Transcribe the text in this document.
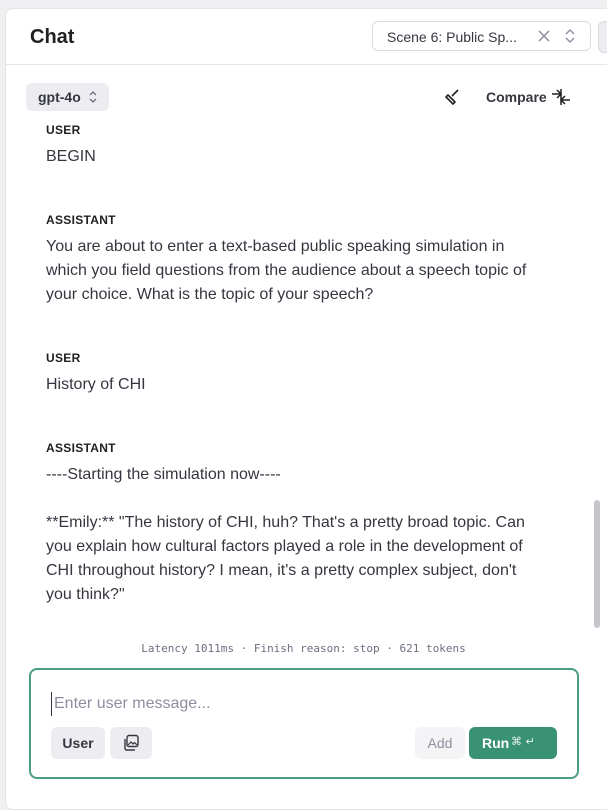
Chat	Scene 6: Public Sp...
gpt-4o	Compare
USER
BEGIN
ASSISTANT
You are about to enter a text-based public speaking simulation in which you field questions from the audience about a speech topic of your choice. What is the topic of your speech?
USER
History of CHI
ASSISTANT
----Starting the simulation now----

**Emily:** "The history of CHI, huh? That's a pretty broad topic. Can you explain how cultural factors played a role in the development of CHI throughout history? I mean, it's a pretty complex subject, don't you think?"
Latency 1011ms · Finish reason: stop · 621 tokens
Enter user message...
User	Add	Run ⌘ ↵
